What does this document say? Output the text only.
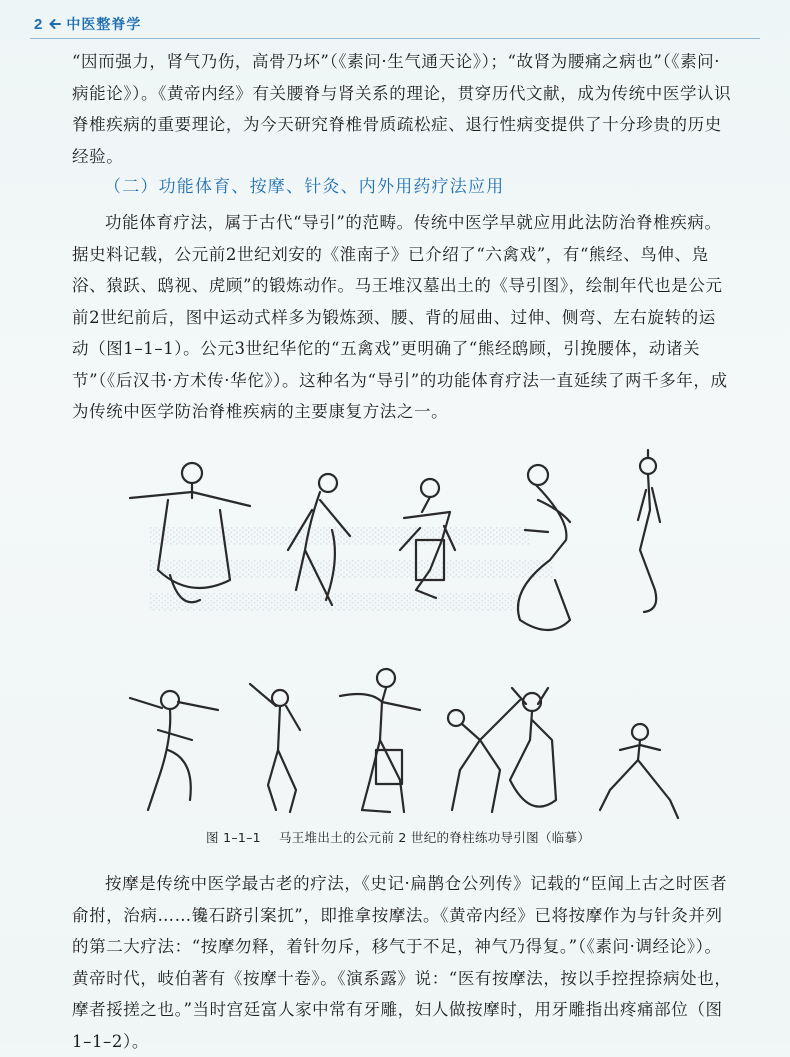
░░░░░░░░░░░░░░░░░░░░░░░░░░░░░░░░░
░░░░░░░░░░░░░░░░░░░░░░░░░░░░░░░░░░░
░░░░░░░░░░░░░░░░░░░░░░░░░░░░░░░░
2 中医整脊学

“因而强力，肾气乃伤，高骨乃坏”（《素问·生气通天论》）；“故肾为腰痛之病也”（《素问·病能论》）。《黄帝内经》有关腰脊与肾关系的理论，贯穿历代文献，成为传统中医学认识脊椎疾病的重要理论，为今天研究脊椎骨质疏松症、退行性病变提供了十分珍贵的历史经验。

（二）功能体育、按摩、针灸、内外用药疗法应用

功能体育疗法，属于古代“导引”的范畴。传统中医学早就应用此法防治脊椎疾病。据史料记载，公元前2世纪刘安的《淮南子》已介绍了“六禽戏”，有“熊经、鸟伸、凫浴、猿跃、鸱视、虎顾”的锻炼动作。马王堆汉墓出土的《导引图》，绘制年代也是公元前2世纪前后，图中运动式样多为锻炼颈、腰、背的屈曲、过伸、侧弯、左右旋转的运动（图1–1–1）。公元3世纪华佗的“五禽戏”更明确了“熊经鸱顾，引挽腰体，动诸关节”（《后汉书·方术传·华佗》）。这种名为“导引”的功能体育疗法一直延续了两千多年，成为传统中医学防治脊椎疾病的主要康复方法之一。

图 1–1–1 马王堆出土的公元前 2 世纪的脊柱练功导引图（临摹）

按摩是传统中医学最古老的疗法，《史记·扁鹊仓公列传》记载的“臣闻上古之时医者俞拊，治病……镵石跻引案扤”，即推拿按摩法。《黄帝内经》已将按摩作为与针灸并列的第二大疗法：“按摩勿释，着针勿斥，移气于不足，神气乃得复。”（《素问·调经论》）。黄帝时代，岐伯著有《按摩十卷》。《演系露》说：“医有按摩法，按以手控捏捺病处也，摩者挼搓之也。”当时宫廷富人家中常有牙雕，妇人做按摩时，用牙雕指出疼痛部位（图1–1–2）。
